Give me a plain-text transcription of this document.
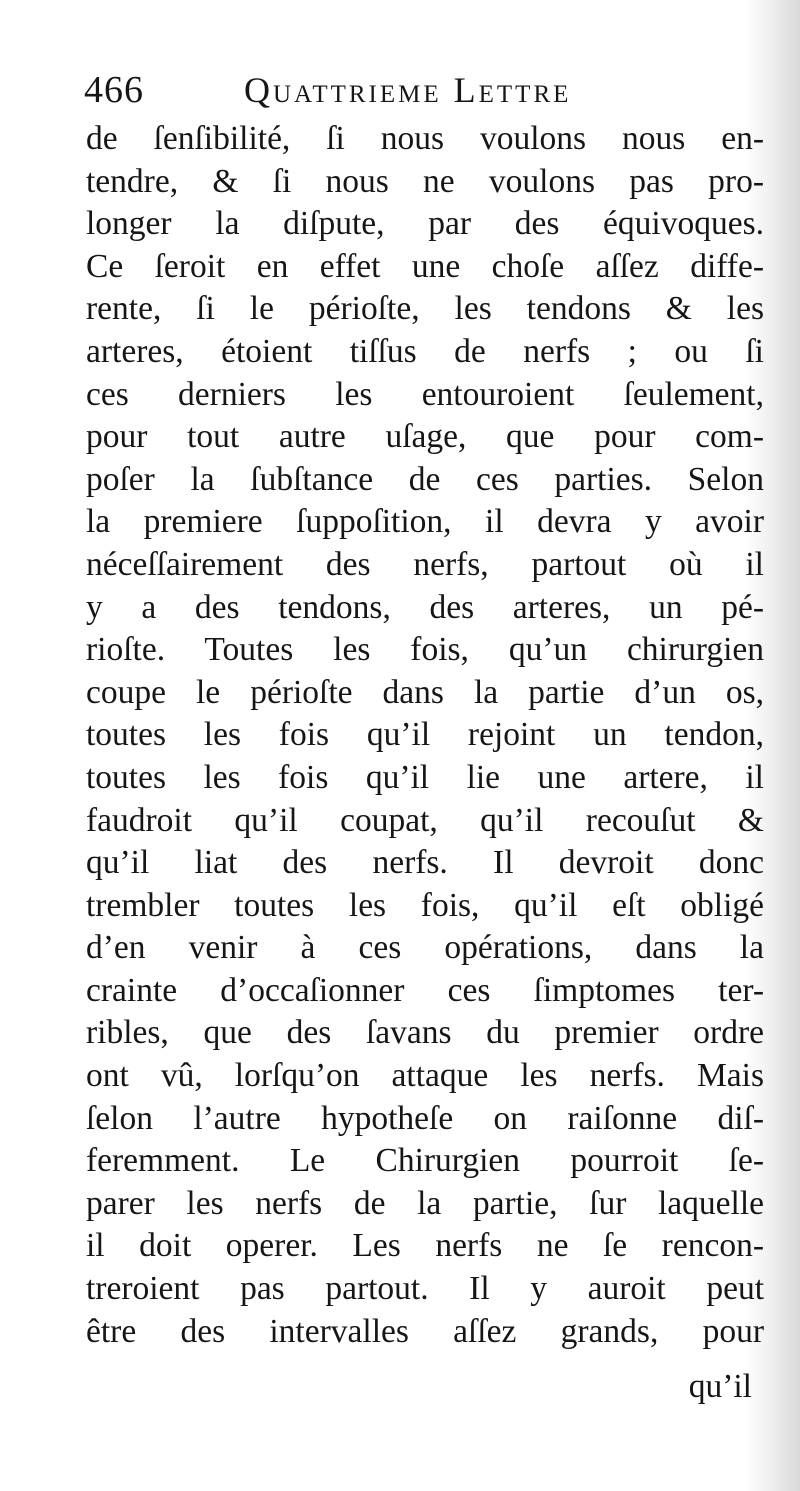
466	Quattrieme Lettre
de ſenſibilité, ſi nous voulons nous en-
tendre, & ſi nous ne voulons pas pro-
longer la diſpute, par des équivoques.
Ce ſeroit en effet une choſe aſſez diffe-
rente, ſi le périoſte, les tendons & les
arteres, étoient tiſſus de nerfs ; ou ſi
ces derniers les entouroient ſeulement,
pour tout autre uſage, que pour com-
poſer la ſubſtance de ces parties. Selon
la premiere ſuppoſition, il devra y avoir
néceſſairement des nerfs, partout où il
y a des tendons, des arteres, un pé-
rioſte. Toutes les fois, qu’un chirurgien
coupe le périoſte dans la partie d’un os,
toutes les fois qu’il rejoint un tendon,
toutes les fois qu’il lie une artere, il
faudroit qu’il coupat, qu’il recouſut &
qu’il liat des nerfs. Il devroit donc
trembler toutes les fois, qu’il eſt obligé
d’en venir à ces opérations, dans la
crainte d’occaſionner ces ſimptomes ter-
ribles, que des ſavans du premier ordre
ont vû, lorſqu’on attaque les nerfs. Mais
ſelon l’autre hypotheſe on raiſonne diſ-
feremment. Le Chirurgien pourroit ſe-
parer les nerfs de la partie, ſur laquelle
il doit operer. Les nerfs ne ſe rencon-
treroient pas partout. Il y auroit peut
être des intervalles aſſez grands, pour
qu’il
